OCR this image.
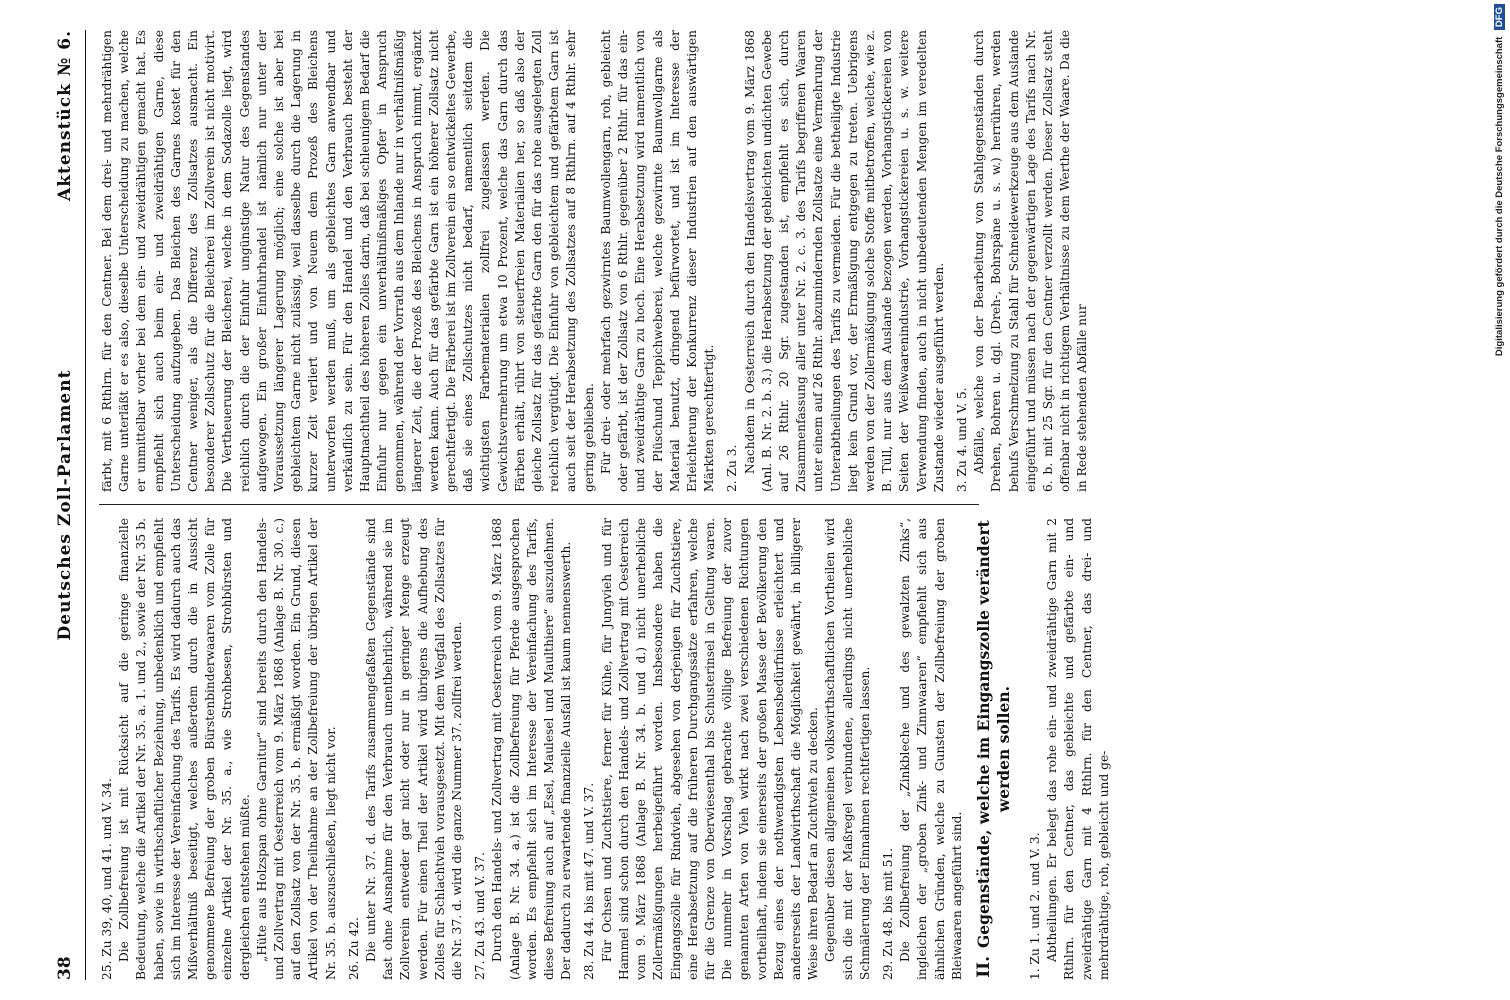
38
Deutsches Zoll-Parlament
Aktenstück № 6.

25. Zu 39, 40, und 41. und V. 34. Die Zollbefreiung ist mit Rücksicht auf die geringe finanzielle Bedeutung, welche die Artikel der Nr. 35. a. 1. und 2., sowie der Nr. 35 b. haben, sowie in wirthschaftlicher Beziehung, unbedenklich und empfiehlt sich im Interesse der Vereinfachung des Tarifs. Es wird dadurch auch das Mißverhältniß beseitigt, welches außerdem durch die in Aussicht genommene Befreiung der groben Bürstenbinderwaaren vom Zolle für einzelne Artikel der Nr. 35. a., wie Strohbesen, Strohbürsten und dergleichen entstehen müßte. „Hüte aus Holzspan ohne Garnitur“ sind bereits durch den Handels- und Zollvertrag mit Oesterreich vom 9. März 1868 (Anlage B. Nr. 30. c.) auf den Zollsatz von der Nr. 35. b. ermäßigt worden. Ein Grund, diesen Artikel von der Theilnahme an der Zollbefreiung der übrigen Artikel der Nr. 35. b. auszuschließen, liegt nicht vor. 26. Zu 42. Die unter Nr. 37. d. des Tarifs zusammengefaßten Gegenstände sind fast ohne Ausnahme für den Verbrauch unentbehrlich, während sie im Zollverein entweder gar nicht oder nur in geringer Menge erzeugt werden. Für einen Theil der Artikel wird übrigens die Aufhebung des Zolles für Schlachtvieh vorausgesetzt. Mit dem Wegfall des Zollsatzes für die Nr. 37. d. wird die ganze Nummer 37. zollfrei werden. 27. Zu 43. und V. 37. Durch den Handels- und Zollvertrag mit Oesterreich vom 9. März 1868 (Anlage B. Nr. 34. a.) ist die Zollbefreiung für Pferde ausgesprochen worden. Es empfiehlt sich im Interesse der Vereinfachung des Tarifs, diese Befreiung auch auf „Esel, Maulesel und Maulthiere“ auszudehnen. Der dadurch zu erwartende finanzielle Ausfall ist kaum nennenswerth. 28. Zu 44. bis mit 47. und V. 37. Für Ochsen und Zuchtstiere, ferner für Kühe, für Jungvieh und für Hammel sind schon durch den Handels- und Zollvertrag mit Oesterreich vom 9. März 1868 (Anlage B. Nr. 34. b. und d.) nicht unerhebliche Zollermäßigungen herbeigeführt worden. Insbesondere haben die Eingangszölle für Rindvieh, abgesehen von derjenigen für Zuchtstiere, eine Herabsetzung auf die früheren Durchgangssätze erfahren, welche für die Grenze von Oberwiesenthal bis Schusterinsel in Geltung waren. Die nunmehr in Vorschlag gebrachte völlige Befreiung der zuvor genannten Arten von Vieh wirkt nach zwei verschiedenen Richtungen vortheilhaft, indem sie einerseits der großen Masse der Bevölkerung den Bezug eines der nothwendigsten Lebensbedürfnisse erleichtert und andererseits der Landwirthschaft die Möglichkeit gewährt, in billigerer Weise ihren Bedarf an Zuchtvieh zu decken. Gegenüber diesen allgemeinen volkswirthschaftlichen Vortheilen wird sich die mit der Maßregel verbundene, allerdings nicht unerhebliche Schmälerung der Einnahmen rechtfertigen lassen. 29. Zu 48. bis mit 51. Die Zollbefreiung der „Zinkbleche und des gewalzten Zinks“, ingleichen der „groben Zink- und Zinnwaaren“ empfiehlt sich aus ähnlichen Gründen, welche zu Gunsten der Zollbefreiung der groben Bleiwaaren angeführt sind. II.Gegenstände, welche im Eingangszolle verändert werden sollen.

1. Zu 1. und 2. und V. 3. Abtheilungen. Er belegt das rohe ein- und zweidrähtige Garn mit 2 Rthlrn. für den Centner, das gebleichte und gefärbte ein- und zweidrähtige Garn mit 4 Rthlrn. für den Centner, das drei- und mehrdrähtige, roh, gebleicht und ge-

färbt, mit 6 Rthlrn. für den Centner. Bei dem drei- und mehrdrähtigen Garne unterläßt er es also, dieselbe Unterscheidung zu machen, welche er unmittelbar vorher bei dem ein- und zweidrähtigen gemacht hat. Es empfiehlt sich auch beim ein- und zweidrähtigen Garne, diese Unterscheidung aufzugeben. Das Bleichen des Garnes kostet für den Centner weniger, als die Differenz des Zollsatzes ausmacht. Ein besonderer Zollschutz für die Bleicherei im Zollverein ist nicht motivirt. Die Vertheuerung der Bleicherei, welche in dem Sodazolle liegt, wird reichlich durch die der Einfuhr ungünstige Natur des Gegenstandes aufgewogen. Ein großer Einfuhrhandel ist nämlich nur unter der Voraussetzung längerer Lagerung möglich; eine solche ist aber bei gebleichtem Garne nicht zulässig, weil dasselbe durch die Lagerung in kurzer Zeit verliert und von Neuem dem Prozeß des Bleichens unterworfen werden muß, um als gebleichtes Garn anwendbar und verkäuflich zu sein. Für den Handel und den Verbrauch besteht der Hauptnachtheil des höheren Zolles darin, daß bei schleunigem Bedarf die Einfuhr nur gegen ein unverhältnißmäßiges Opfer in Anspruch genommen, während der Vorrath aus dem Inlande nur in verhältnißmäßig längerer Zeit, die der Prozeß des Bleichens in Anspruch nimmt, ergänzt werden kann. Auch für das gefärbte Garn ist ein höherer Zollsatz nicht gerechtfertigt. Die Färberei ist im Zollverein ein so entwickeltes Gewerbe, daß sie eines Zollschutzes nicht bedarf, namentlich seitdem die wichtigsten Farbematerialien zollfrei zugelassen werden. Die Gewichtsvermehrung um etwa 10 Prozent, welche das Garn durch das Färben erhält, rührt von steuerfreien Materialien her, so daß also der gleiche Zollsatz für das gefärbte Garn den für das rohe ausgelegten Zoll reichlich vergütigt. Die Einfuhr von gebleichtem und gefärbtem Garn ist auch seit der Herabsetzung des Zollsatzes auf 8 Rthlrn. auf 4 Rthlr. sehr gering geblieben. Für drei- oder mehrfach gezwirntes Baumwollengarn, roh, gebleicht oder gefärbt, ist der Zollsatz von 6 Rthlr. gegenüber 2 Rthlr. für das ein- und zweidrähtige Garn zu hoch. Eine Herabsetzung wird namentlich von der Plüschund Teppichweberei, welche gezwirnte Baumwollgarne als Material benutzt, dringend befürwortet, und ist im Interesse der Erleichterung der Konkurrenz dieser Industrien auf den auswärtigen Märkten gerechtfertigt. 2. Zu 3. Nachdem in Oesterreich durch den Handelsvertrag vom 9. März 1868 (Anl. B. Nr. 2. b. 3.) die Herabsetzung der gebleichten undichten Gewebe auf 26 Rthlr. 20 Sgr. zugestanden ist, empfiehlt es sich, durch Zusammenfassung aller unter Nr. 2. c. 3. des Tarifs begriffenen Waaren unter einem auf 26 Rthlr. abzumindernden Zollsatze eine Vermehrung der Unterabtheilungen des Tarifs zu vermeiden. Für die betheiligte Industrie liegt kein Grund vor, der Ermäßigung entgegen zu treten. Uebrigens werden von der Zollermäßigung solche Stoffe mitbetroffen, welche, wie z. B. Tüll, nur aus dem Auslande bezogen werden, Vorhangstickereien von Seiten der Weißwaarenindustrie, Vorhangstickereien u. s. w. weitere Verwendung finden, auch in nicht unbedeutenden Mengen im veredelten Zustande wieder ausgeführt werden. 3. Zu 4. und V. 5. Abfälle, welche von der Bearbeitung von Stahlgegenständen durch Drehen, Bohren u. dgl. (Dreh-, Bohrspäne u. s. w.) herrühren, werden behufs Verschmelzung zu Stahl für Schneidewerkzeuge aus dem Auslande eingeführt und müssen nach der gegenwärtigen Lage des Tarifs nach Nr. 6. b. mit 25 Sgr. für den Centner verzollt werden. Dieser Zollsatz steht offenbar nicht in richtigem Verhältnisse zu dem Werthe der Waare. Da die in Rede stehenden Abfälle nur

Digitalisierung gefördert durch die Deutsche Forschungsgemeinschaft DFG
